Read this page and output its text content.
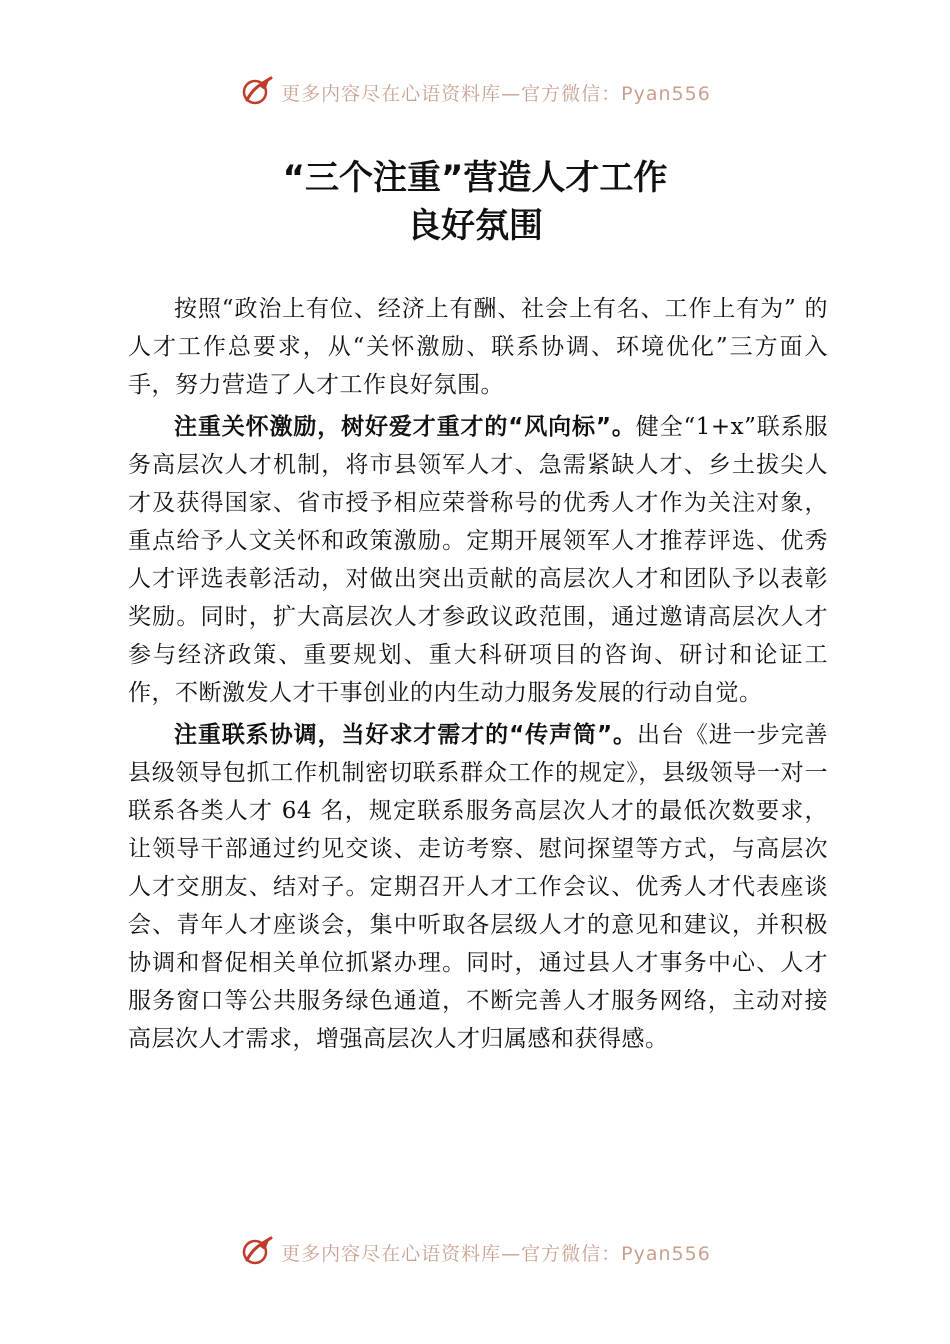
更多内容尽在心语资料库—官方微信：Pyan556
“三个注重”营造人才工作
良好氛围

按照“政治上有位、经济上有酬、社会上有名、工作上有为” 的人才工作总要求，从“关怀激励、联系协调、环境优化”三方面入手，努力营造了人才工作良好氛围。

注重关怀激励，树好爱才重才的“风向标”。健全“1+x”联系服务高层次人才机制，将市县领军人才、急需紧缺人才、乡土拔尖人才及获得国家、省市授予相应荣誉称号的优秀人才作为关注对象，重点给予人文关怀和政策激励。定期开展领军人才推荐评选、优秀人才评选表彰活动，对做出突出贡献的高层次人才和团队予以表彰奖励。同时，扩大高层次人才参政议政范围，通过邀请高层次人才参与经济政策、重要规划、重大科研项目的咨询、研讨和论证工作，不断激发人才干事创业的内生动力服务发展的行动自觉。

注重联系协调，当好求才需才的“传声筒”。出台《进一步完善县级领导包抓工作机制密切联系群众工作的规定》，县级领导一对一联系各类人才 64 名，规定联系服务高层次人才的最低次数要求，让领导干部通过约见交谈、走访考察、慰问探望等方式，与高层次人才交朋友、结对子。定期召开人才工作会议、优秀人才代表座谈会、青年人才座谈会，集中听取各层级人才的意见和建议，并积极协调和督促相关单位抓紧办理。同时，通过县人才事务中心、人才服务窗口等公共服务绿色通道，不断完善人才服务网络，主动对接高层次人才需求，增强高层次人才归属感和获得感。

更多内容尽在心语资料库—官方微信：Pyan556
